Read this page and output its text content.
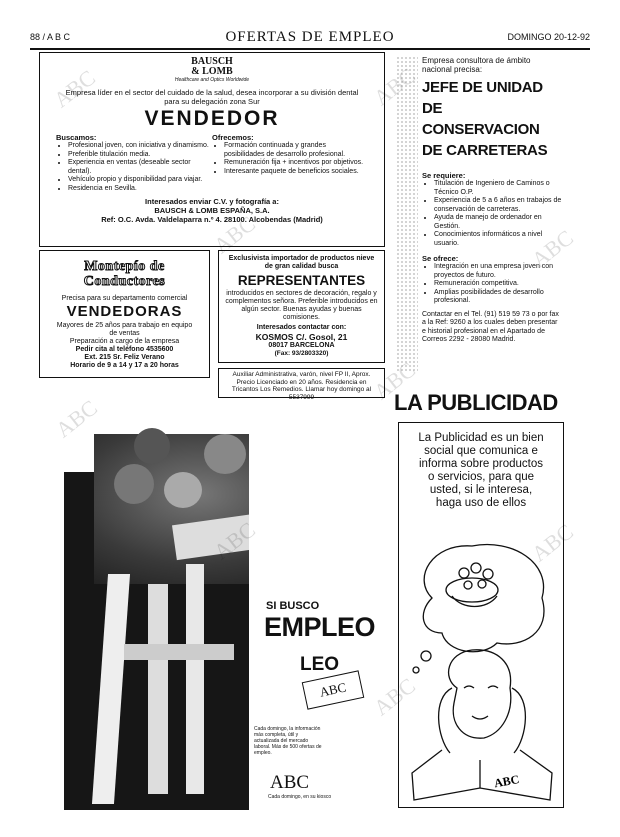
88 / A B C	OFERTAS DE EMPLEO	DOMINGO 20-12-92
BAUSCH
& LOMB
Healthcare and Optics Worldwide
Empresa líder en el sector del cuidado de la salud, desea incorporar a su división dental para su delegación zona Sur
VENDEDOR
Buscamos:
• Profesional joven, con iniciativa y dinamismo.
• Preferible titulación media.
• Experiencia en ventas (deseable sector dental).
• Vehículo propio y disponibilidad para viajar.
• Residencia en Sevilla.
Ofrecemos:
• Formación continuada y grandes posibilidades de desarrollo profesional.
• Remuneración fija + incentivos por objetivos.
• Interesante paquete de beneficios sociales.
Interesados enviar C.V. y fotografía a:
BAUSCH & LOMB ESPAÑA, S.A.
Ref: O.C. Avda. Valdelaparra n.º 4. 28100. Alcobendas (Madrid)
Empresa consultora de ámbito nacional precisa:
JEFE DE UNIDAD
DE CONSERVACION
DE CARRETERAS
Se requiere:
• Titulación de Ingeniero de Caminos o Técnico O.P.
• Experiencia de 5 a 6 años en trabajos de conservación de carreteras.
• Ayuda de manejo de ordenador en Gestión.
• Conocimientos informáticos a nivel usuario.
Se ofrece:
• Integración en una empresa joven con proyectos de futuro.
• Remuneración competitiva.
• Amplias posibilidades de desarrollo profesional.
Contactar en el Tel. (91) 519 59 73 o por fax a la Ref: 9260 a los cuales deben presentar e historial profesional en el Apartado de Correos 2292 - 28080 Madrid.
Montepío de Conductores
Precisa para su departamento comercial
VENDEDORAS
Mayores de 25 años para trabajo en equipo de ventas
Preparación a cargo de la empresa
Pedir cita al teléfono 4535600
Ext. 215 Sr. Feliz Verano
Horario de 9 a 14 y 17 a 20 horas
Exclusivista importador de productos nieve de gran calidad busca
REPRESENTANTES
introducidos en sectores de decoración, regalo y complementos señora. Preferible introducidos en algún sector. Buenas ayudas y buenas comisiones.
Interesados contactar con:
KOSMOS C/. Gosol, 21
08017 BARCELONA
(Fax: 93/2803320)
Auxiliar Administrativa, varón, nivel FP II, Aprox. Precio Licenciado en 20 años. Residencia en Tricantos Los Remedios. Llamar hoy domingo al 5537999	LA PUBLICIDAD
La Publicidad es un bien social que comunica e informa sobre productos o servicios, para que usted, si le interesa, haga uso de ellos
ABC
SI BUSCO
EMPLEO
LEO
ABC
Cada domingo, la información más completa, útil y actualizada del mercado laboral. Más de 500 ofertas de empleo.
ABC
Cada domingo, en su kiosco
ABC	ABC
ABC
ABC
ABC
ABC
ABC
